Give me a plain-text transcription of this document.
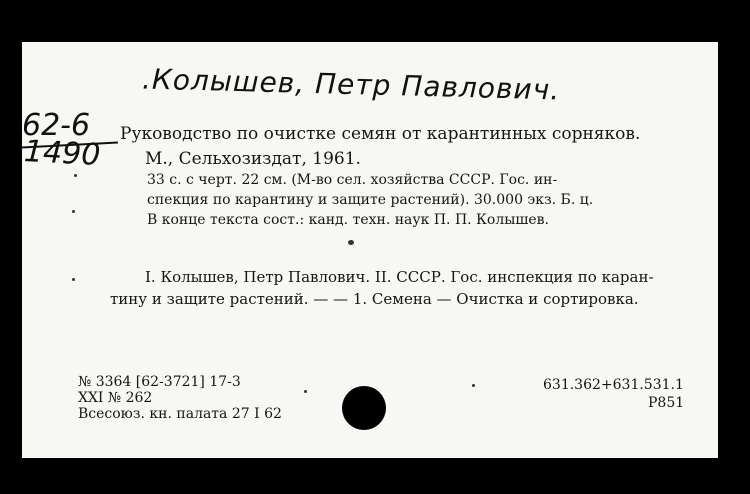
.Колышев, Петр Павлович.
62-6
1490
Руководство по очистке семян от карантинных сорняков.
М., Сельхозиздат, 1961.
33 с. с черт. 22 см. (М-во сел. хозяйства СССР. Гос. ин-
спекция по карантину и защите растений). 30.000 экз. Б. ц.
В конце текста сост.: канд. техн. наук П. П. Колышев.
I. Колышев, Петр Павлович. II. СССР. Гос. инспекция по каран-
тину и защите растений. — — 1. Семена — Очистка и сортировка.
№ 3364 [62-3721] 17-3
XXI № 262
Всесоюз. кн. палата 27 I 62
631.362+631.531.1
Р851
